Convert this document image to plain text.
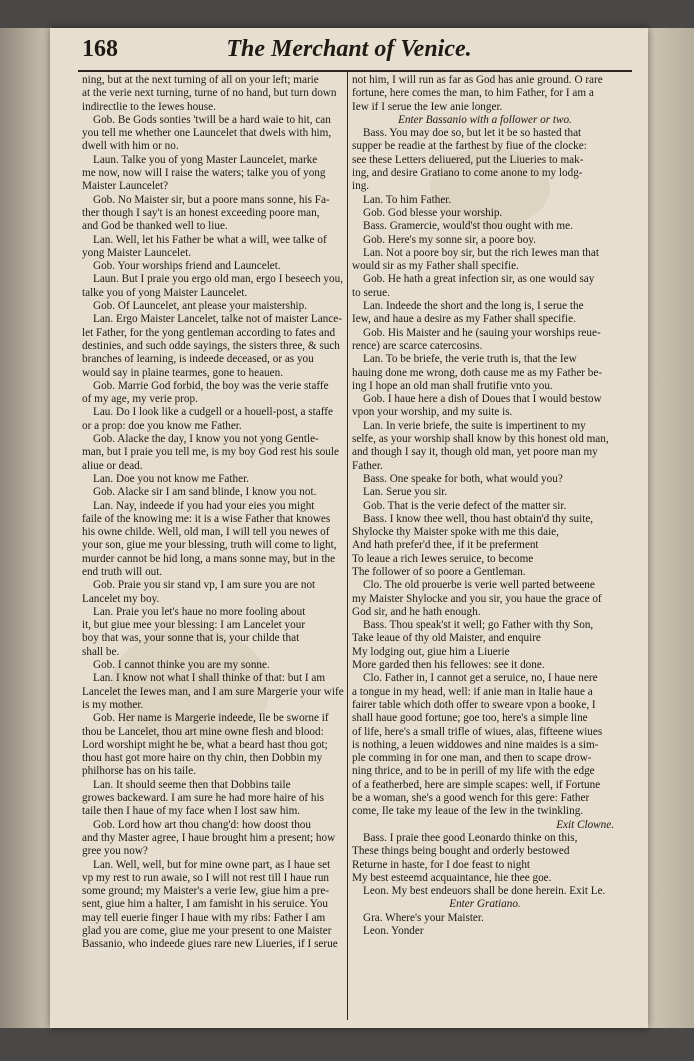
168	The Merchant of Venice.
ning, but at the next turning of all on your left; marie
at the verie next turning, turne of no hand, but turn down
indirectlie to the Iewes house.
Gob. Be Gods sonties 'twill be a hard waie to hit, can
you tell me whether one Launcelet that dwels with him,
dwell with him or no.
Laun. Talke you of yong Master Launcelet, marke
me now, now will I raise the waters; talke you of yong
Maister Launcelet?
Gob. No Maister sir, but a poore mans sonne, his Fa-
ther though I say't is an honest exceeding poore man,
and God be thanked well to liue.
Lan. Well, let his Father be what a will, wee talke of
yong Maister Launcelet.
Gob. Your worships friend and Launcelet.
Laun. But I praie you ergo old man, ergo I beseech you,
talke you of yong Maister Launcelet.
Gob. Of Launcelet, ant please your maistership.
Lan. Ergo Maister Lancelet, talke not of maister Lance-
let Father, for the yong gentleman according to fates and
destinies, and such odde sayings, the sisters three, & such
branches of learning, is indeede deceased, or as you
would say in plaine tearmes, gone to heauen.
Gob. Marrie God forbid, the boy was the verie staffe
of my age, my verie prop.
Lau. Do I look like a cudgell or a houell-post, a staffe
or a prop: doe you know me Father.
Gob. Alacke the day, I know you not yong Gentle-
man, but I praie you tell me, is my boy God rest his soule
aliue or dead.
Lan. Doe you not know me Father.
Gob. Alacke sir I am sand blinde, I know you not.
Lan. Nay, indeede if you had your eies you might
faile of the knowing me: it is a wise Father that knowes
his owne childe. Well, old man, I will tell you newes of
your son, giue me your blessing, truth will come to light,
murder cannot be hid long, a mans sonne may, but in the
end truth will out.
Gob. Praie you sir stand vp, I am sure you are not
Lancelet my boy.
Lan. Praie you let's haue no more fooling about
it, but giue mee your blessing: I am Lancelet your
boy that was, your sonne that is, your childe that
shall be.
Gob. I cannot thinke you are my sonne.
Lan. I know not what I shall thinke of that: but I am
Lancelet the Iewes man, and I am sure Margerie your wife
is my mother.
Gob. Her name is Margerie indeede, Ile be sworne if
thou be Lancelet, thou art mine owne flesh and blood:
Lord worshipt might he be, what a beard hast thou got;
thou hast got more haire on thy chin, then Dobbin my
philhorse has on his taile.
Lan. It should seeme then that Dobbins taile
growes backeward. I am sure he had more haire of his
taile then I haue of my face when I lost saw him.
Gob. Lord how art thou chang'd: how doost thou
and thy Master agree, I haue brought him a present; how
gree you now?
Lan. Well, well, but for mine owne part, as I haue set
vp my rest to run awaie, so I will not rest till I haue run
some ground; my Maister's a verie Iew, giue him a pre-
sent, giue him a halter, I am famisht in his seruice. You
may tell euerie finger I haue with my ribs: Father I am
glad you are come, giue me your present to one Maister
Bassanio, who indeede giues rare new Liueries, if I serue
not him, I will run as far as God has anie ground. O rare
fortune, here comes the man, to him Father, for I am a
Iew if I serue the Iew anie longer.
Enter Bassanio with a follower or two.
Bass. You may doe so, but let it be so hasted that
supper be readie at the farthest by fiue of the clocke:
see these Letters deliuered, put the Liueries to mak-
ing, and desire Gratiano to come anone to my lodg-
ing.
Lan. To him Father.
Gob. God blesse your worship.
Bass. Gramercie, would'st thou ought with me.
Gob. Here's my sonne sir, a poore boy.
Lan. Not a poore boy sir, but the rich Iewes man that
would sir as my Father shall specifie.
Gob. He hath a great infection sir, as one would say
to serue.
Lan. Indeede the short and the long is, I serue the
Iew, and haue a desire as my Father shall specifie.
Gob. His Maister and he (sauing your worships reue-
rence) are scarce catercosins.
Lan. To be briefe, the verie truth is, that the Iew
hauing done me wrong, doth cause me as my Father be-
ing I hope an old man shall frutifie vnto you.
Gob. I haue here a dish of Doues that I would bestow
vpon your worship, and my suite is.
Lan. In verie briefe, the suite is impertinent to my
selfe, as your worship shall know by this honest old man,
and though I say it, though old man, yet poore man my
Father.
Bass. One speake for both, what would you?
Lan. Serue you sir.
Gob. That is the verie defect of the matter sir.
Bass. I know thee well, thou hast obtain'd thy suite,
Shylocke thy Maister spoke with me this daie,
And hath prefer'd thee, if it be preferment
To leaue a rich Iewes seruice, to become
The follower of so poore a Gentleman.
Clo. The old prouerbe is verie well parted betweene
my Maister Shylocke and you sir, you haue the grace of
God sir, and he hath enough.
Bass. Thou speak'st it well; go Father with thy Son,
Take leaue of thy old Maister, and enquire
My lodging out, giue him a Liuerie
More garded then his fellowes: see it done.
Clo. Father in, I cannot get a seruice, no, I haue nere
a tongue in my head, well: if anie man in Italie haue a
fairer table which doth offer to sweare vpon a booke, I
shall haue good fortune; goe too, here's a simple line
of life, here's a small trifle of wiues, alas, fifteene wiues
is nothing, a leuen widdowes and nine maides is a sim-
ple comming in for one man, and then to scape drow-
ning thrice, and to be in perill of my life with the edge
of a featherbed, here are simple scapes: well, if Fortune
be a woman, she's a good wench for this gere: Father
come, Ile take my leaue of the Iew in the twinkling.
Exit Clowne.
Bass. I praie thee good Leonardo thinke on this,
These things being bought and orderly bestowed
Returne in haste, for I doe feast to night
My best esteemd acquaintance, hie thee goe.
Leon. My best endeuors shall be done herein. Exit Le.
Enter Gratiano.
Gra. Where's your Maister.
Leon. Yonder
